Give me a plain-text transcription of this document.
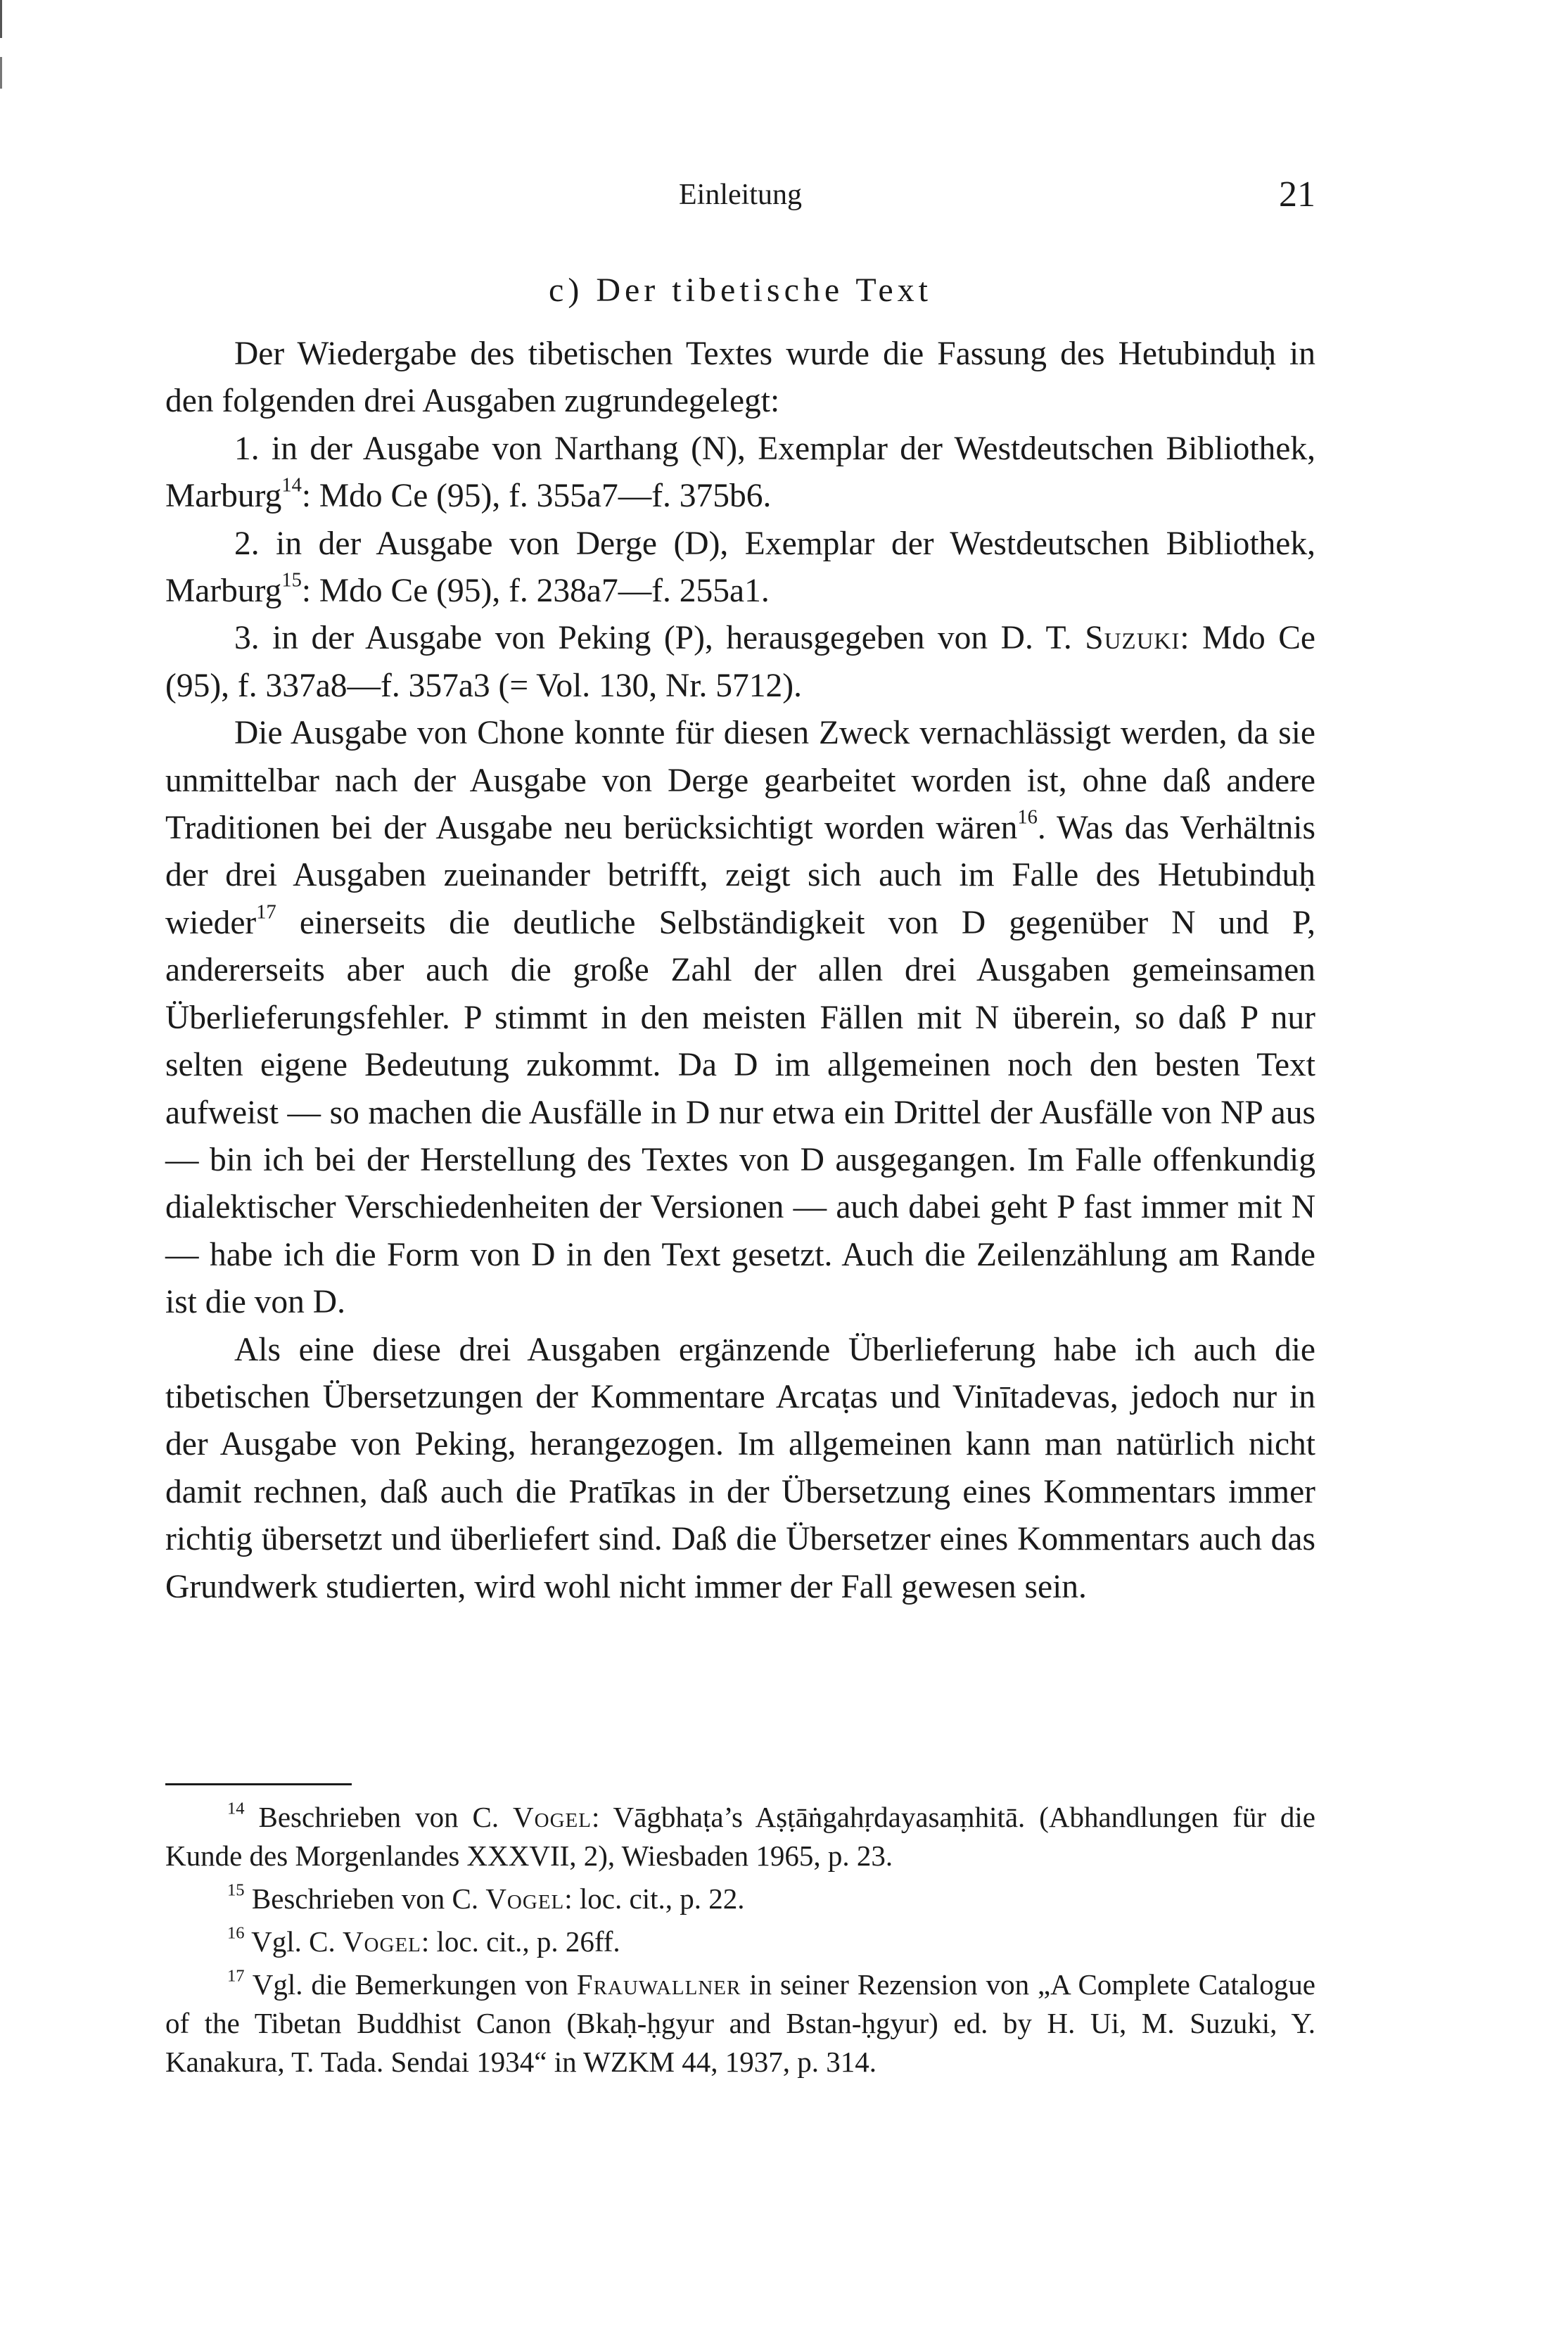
Einleitung	21
c) Der tibetische Text

Der Wiedergabe des tibetischen Textes wurde die Fassung des Hetubinduḥ in den folgenden drei Ausgaben zugrundegelegt:

1. in der Ausgabe von Narthang (N), Exemplar der Westdeutschen Bibliothek, Marburg$^{14}$: Mdo Ce (95), f. 355a7—f. 375b6.

2. in der Ausgabe von Derge (D), Exemplar der Westdeutschen Bibliothek, Marburg$^{15}$: Mdo Ce (95), f. 238a7—f. 255a1.

3. in der Ausgabe von Peking (P), herausgegeben von D. T. Suzuki: Mdo Ce (95), f. 337a8—f. 357a3 (= Vol. 130, Nr. 5712).

Die Ausgabe von Chone konnte für diesen Zweck vernachlässigt werden, da sie unmittelbar nach der Ausgabe von Derge gearbeitet worden ist, ohne daß andere Traditionen bei der Ausgabe neu berücksichtigt worden wären$^{16}$. Was das Verhältnis der drei Ausgaben zueinander betrifft, zeigt sich auch im Falle des Hetubinduḥ wieder$^{17}$ einerseits die deutliche Selbständigkeit von D gegenüber N und P, andererseits aber auch die große Zahl der allen drei Ausgaben gemeinsamen Überlieferungsfehler. P stimmt in den meisten Fällen mit N überein, so daß P nur selten eigene Bedeutung zukommt. Da D im allgemeinen noch den besten Text aufweist — so machen die Ausfälle in D nur etwa ein Drittel der Ausfälle von NP aus — bin ich bei der Herstellung des Textes von D ausgegangen. Im Falle offenkundig dialektischer Verschiedenheiten der Versionen — auch dabei geht P fast immer mit N — habe ich die Form von D in den Text gesetzt. Auch die Zeilenzählung am Rande ist die von D.

Als eine diese drei Ausgaben ergänzende Überlieferung habe ich auch die tibetischen Übersetzungen der Kommentare Arcaṭas und Vinītadevas, jedoch nur in der Ausgabe von Peking, herangezogen. Im allgemeinen kann man natürlich nicht damit rechnen, daß auch die Pratīkas in der Übersetzung eines Kommentars immer richtig übersetzt und überliefert sind. Daß die Übersetzer eines Kommentars auch das Grundwerk studierten, wird wohl nicht immer der Fall gewesen sein.

$^{14}$ Beschrieben von C. Vogel: Vāgbhaṭa’s Aṣṭāṅgahṛdayasaṃhitā. (Abhandlungen für die Kunde des Morgenlandes XXXVII, 2), Wiesbaden 1965, p. 23.

$^{15}$ Beschrieben von C. Vogel: loc. cit., p. 22.

$^{16}$ Vgl. C. Vogel: loc. cit., p. 26ff.

$^{17}$ Vgl. die Bemerkungen von Frauwallner in seiner Rezension von „A Complete Catalogue of the Tibetan Buddhist Canon (Bkaḥ-ḥgyur and Bstan-ḥgyur) ed. by H. Ui, M. Suzuki, Y. Kanakura, T. Tada. Sendai 1934“ in WZKM 44, 1937, p. 314.
